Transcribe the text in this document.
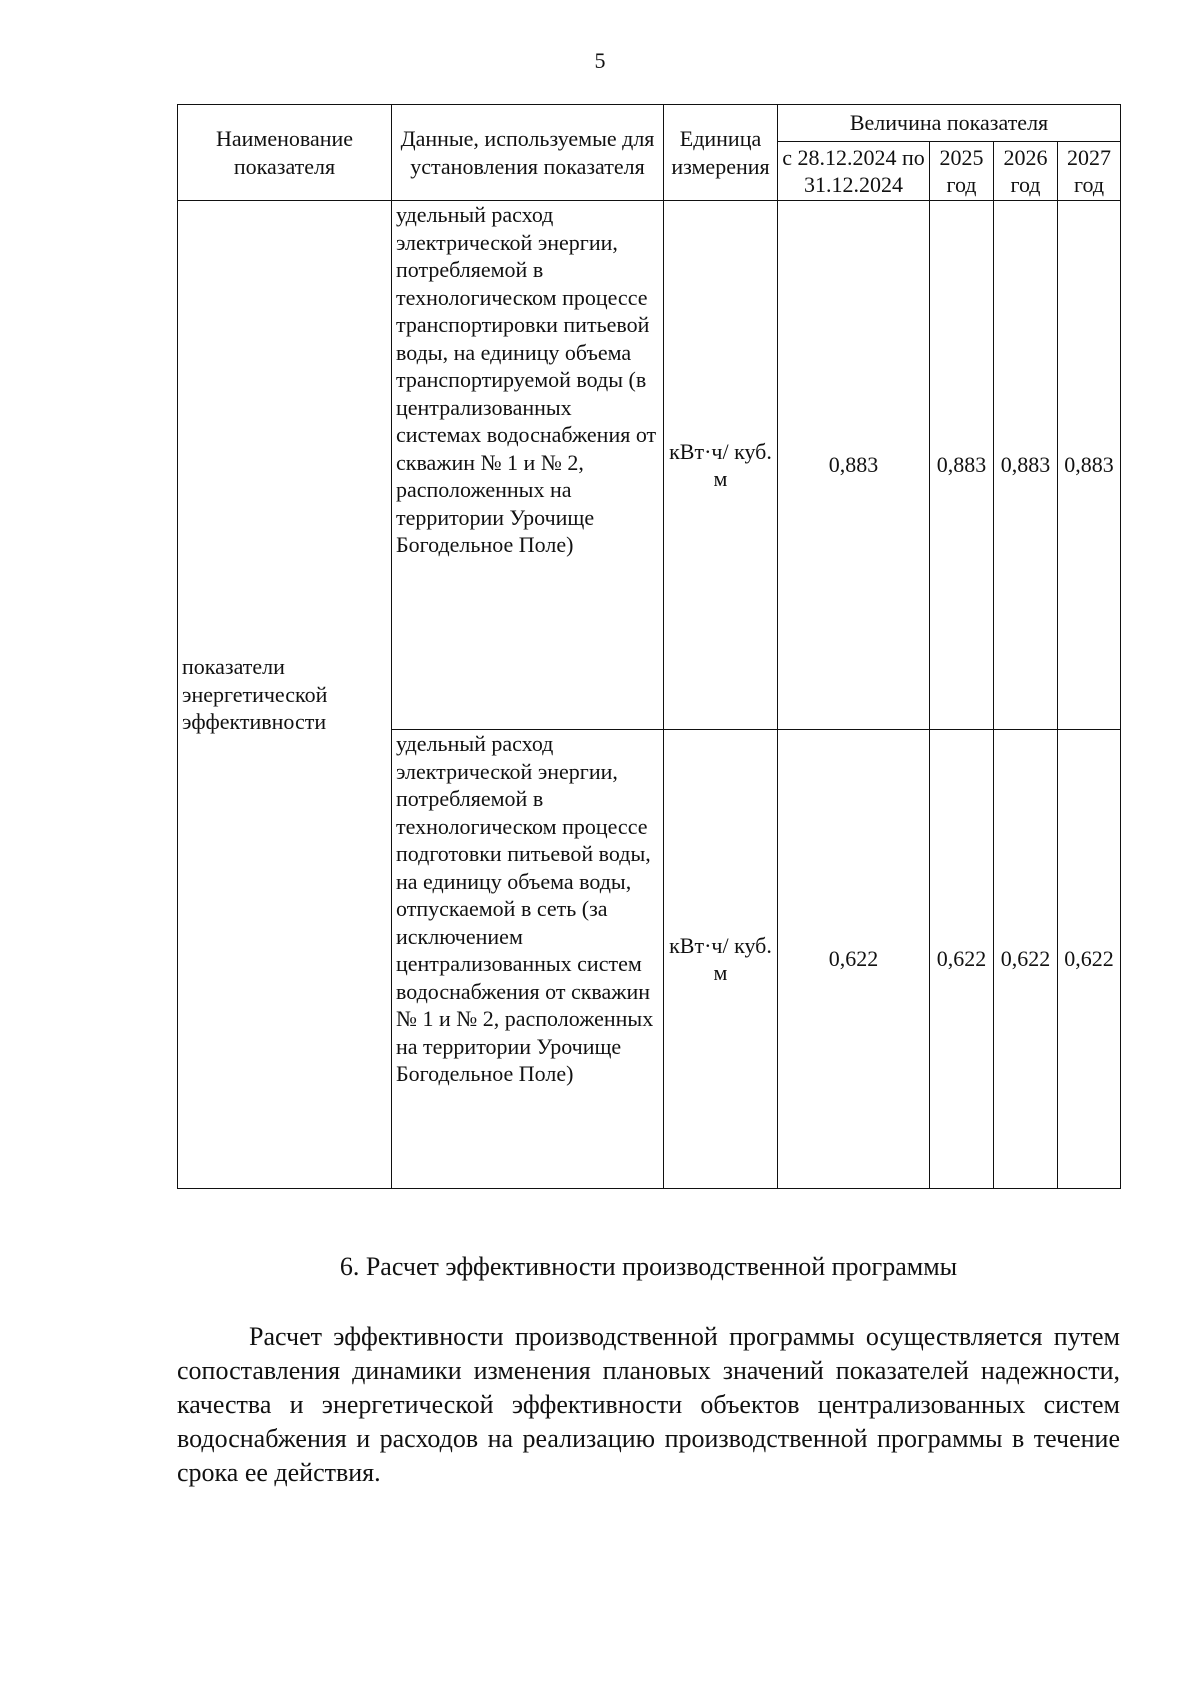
5
Наименование показателя	Данные, используемые для установления показателя	Единица измерения	Величина показателя			
			с 28.12.2024 по 31.12.2024	2025 год	2026 год	2027 год
показатели энергетической эффективности	удельный расход электрической энергии, потребляемой в технологическом процессе транспортировки питьевой воды, на единицу объема транспортируемой воды (в централизованных системах водоснабжения от скважин № 1 и № 2, расположенных на территории Урочище Богодельное Поле)	кВт·ч/ куб. м	0,883	0,883	0,883	0,883
	удельный расход электрической энергии, потребляемой в технологическом процессе подготовки питьевой воды, на единицу объема воды, отпускаемой в сеть (за исключением централизованных систем водоснабжения от скважин № 1 и № 2, расположенных на территории Урочище Богодельное Поле)	кВт·ч/ куб. м	0,622	0,622	0,622	0,622
6. Расчет эффективности производственной программы

Расчет эффективности производственной программы осуществляется путем сопоставления динамики изменения плановых значений показателей надежности, качества и энергетической эффективности объектов централизованных систем водоснабжения и расходов на реализацию производственной программы в течение срока ее действия.
